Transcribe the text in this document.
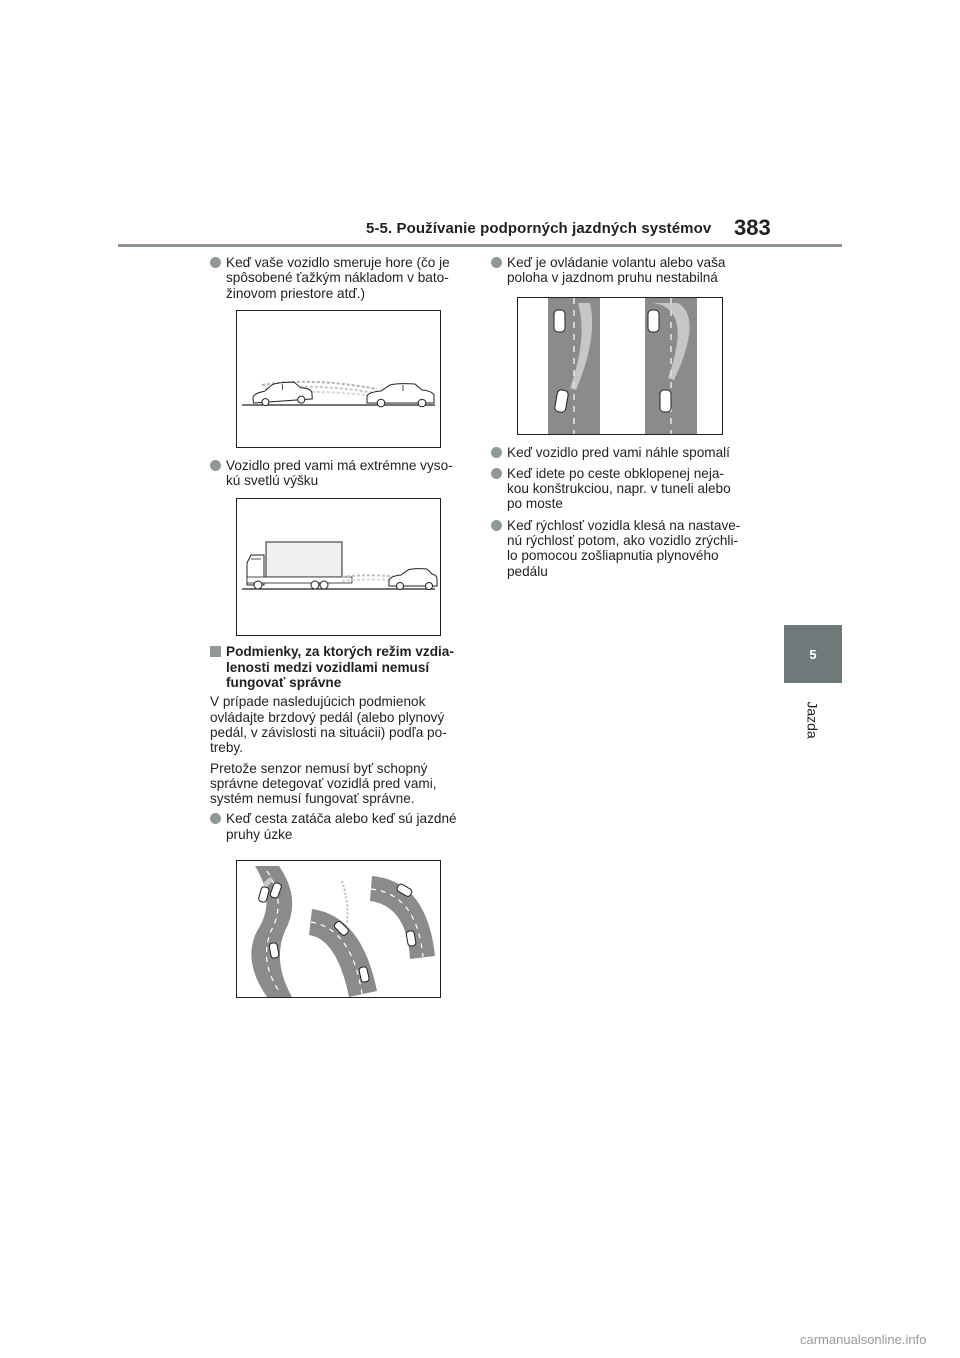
5-5. Používanie podporných jazdných systémov 383
5
Jazda
Keď vaše vozidlo smeruje hore (čo je
spôsobené ťažkým nákladom v bato-
žinovom priestore atď.)
Vozidlo pred vami má extrémne vyso-
kú svetlú výšku
Podmienky, za ktorých režim vzdia-
lenosti medzi vozidlami nemusí
fungovať správne
V prípade nasledujúcich podmienok
ovládajte brzdový pedál (alebo plynový
pedál, v závislosti na situácii) podľa po-
treby.
Pretože senzor nemusí byť schopný
správne detegovať vozidlá pred vami,
systém nemusí fungovať správne.
Keď cesta zatáča alebo keď sú jazdné
pruhy úzke
Keď je ovládanie volantu alebo vaša
poloha v jazdnom pruhu nestabilná
Keď vozidlo pred vami náhle spomalí
Keď idete po ceste obklopenej neja-
kou konštrukciou, napr. v tuneli alebo
po moste
Keď rýchlosť vozidla klesá na nastave-
nú rýchlosť potom, ako vozidlo zrýchli-
lo pomocou zošliapnutia plynového
pedálu
carmanualsonline.info
